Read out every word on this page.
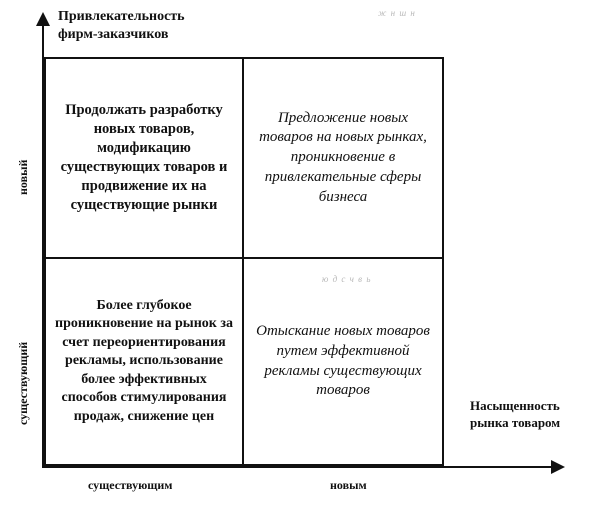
Привлекательность
фирм-заказчиков
Насыщенность
рынка товаром
новый
существующий
существующим	новым
Продолжать разработку новых товаров, модификацию существующих товаров и продвижение их на существующие рынки
Предложение новых товаров на новых рынках, проникновение в привлекательные сферы бизнеса
Более глубокое проникновение на рынок за счет переориентирования рекламы, использование более эффективных способов стимулирования продаж, снижение цен
Отыскание новых товаров путем эффективной рекламы существующих товаров
ж н ш н
ю д с ч в ь
